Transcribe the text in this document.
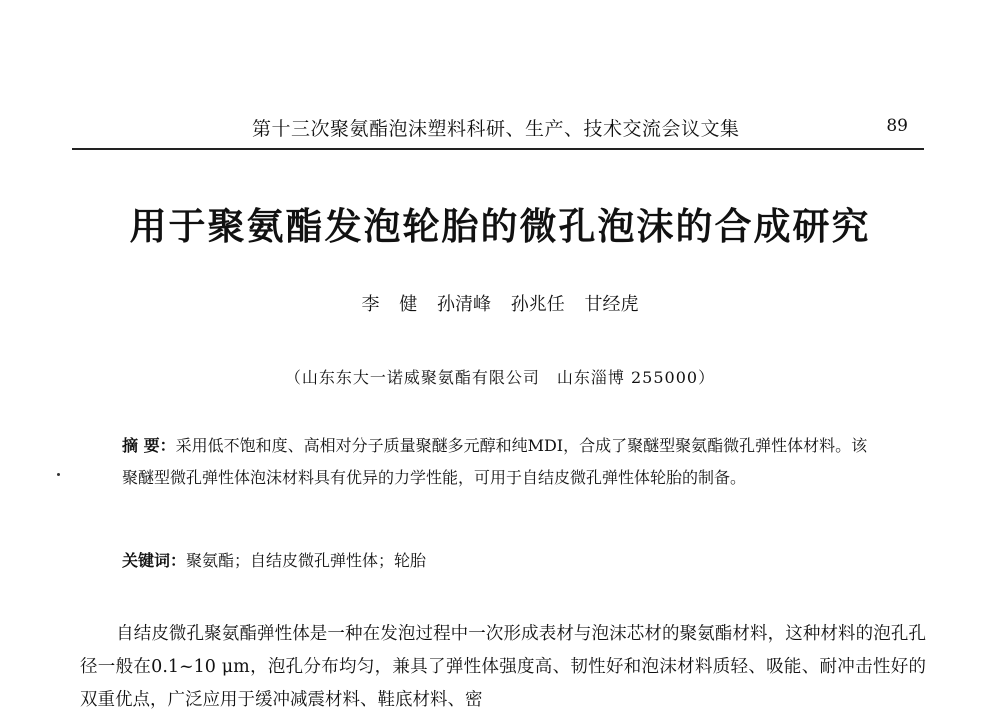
第十三次聚氨酯泡沫塑料科研、生产、技术交流会议文集	89
用于聚氨酯发泡轮胎的微孔泡沫的合成研究
李 健 孙清峰 孙兆任 甘经虎
（山东东大一诺威聚氨酯有限公司　山东淄博 255000）
摘 要：采用低不饱和度、高相对分子质量聚醚多元醇和纯MDI，合成了聚醚型聚氨酯微孔弹性体材料。该聚醚型微孔弹性体泡沫材料具有优异的力学性能，可用于自结皮微孔弹性体轮胎的制备。
关键词：聚氨酯；自结皮微孔弹性体；轮胎
自结皮微孔聚氨酯弹性体是一种在发泡过程中一次形成表材与泡沫芯材的聚氨酯材料，这种材料的泡孔孔径一般在0.1~10 μm，泡孔分布均匀，兼具了弹性体强度高、韧性好和泡沫材料质轻、吸能、耐冲击性好的双重优点，广泛应用于缓冲减震材料、鞋底材料、密
